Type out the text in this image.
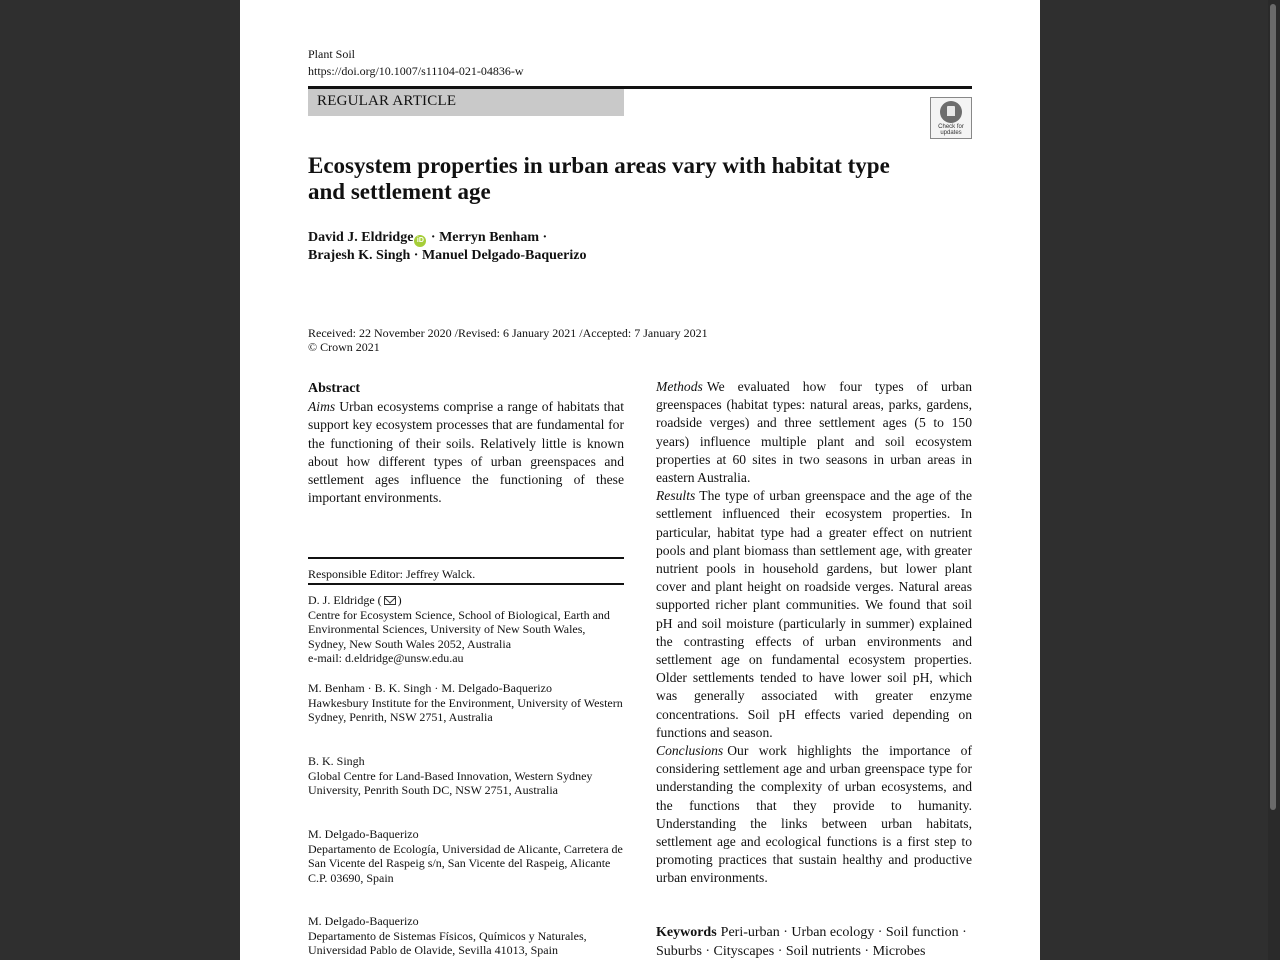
Plant Soil
https://doi.org/10.1007/s11104-021-04836-w
REGULAR ARTICLE
Check for updates
Ecosystem properties in urban areas vary with habitat type and settlement age
David J. Eldridge iD · Merryn Benham ·
Brajesh K. Singh · Manuel Delgado-Baquerizo
Received: 22 November 2020 /Revised: 6 January 2021 /Accepted: 7 January 2021
© Crown 2021
Abstract
Aims Urban ecosystems comprise a range of habitats that support key ecosystem processes that are fundamental for the functioning of their soils. Relatively little is known about how different types of urban greenspaces and settlement ages influence the functioning of these important environments.
Responsible Editor: Jeffrey Walck.
D. J. Eldridge ( )
Centre for Ecosystem Science, School of Biological, Earth and
Environmental Sciences, University of New South Wales,
Sydney, New South Wales 2052, Australia
e-mail: d.eldridge@unsw.edu.au
M. Benham · B. K. Singh · M. Delgado-Baquerizo
Hawkesbury Institute for the Environment, University of Western
Sydney, Penrith, NSW 2751, Australia
B. K. Singh
Global Centre for Land-Based Innovation, Western Sydney
University, Penrith South DC, NSW 2751, Australia
M. Delgado-Baquerizo
Departamento de Ecología, Universidad de Alicante, Carretera de
San Vicente del Raspeig s/n, San Vicente del Raspeig, Alicante
C.P. 03690, Spain
M. Delgado-Baquerizo
Departamento de Sistemas Físicos, Químicos y Naturales,
Universidad Pablo de Olavide, Sevilla 41013, Spain
Methods We evaluated how four types of urban greenspaces (habitat types: natural areas, parks, gardens, roadside verges) and three settlement ages (5 to 150 years) influence multiple plant and soil ecosystem properties at 60 sites in two seasons in urban areas in eastern Australia.
Results The type of urban greenspace and the age of the settlement influenced their ecosystem properties. In particular, habitat type had a greater effect on nutrient pools and plant biomass than settlement age, with greater nutrient pools in household gardens, but lower plant cover and plant height on roadside verges. Natural areas supported richer plant communities. We found that soil pH and soil moisture (particularly in summer) explained the contrasting effects of urban environments and settlement age on fundamental ecosystem properties. Older settlements tended to have lower soil pH, which was generally associated with greater enzyme concentrations. Soil pH effects varied depending on functions and season.
Conclusions Our work highlights the importance of considering settlement age and urban greenspace type for understanding the complexity of urban ecosystems, and the functions that they provide to humanity. Understanding the links between urban habitats, settlement age and ecological functions is a first step to promoting practices that sustain healthy and productive urban environments.
Keywords Peri-urban · Urban ecology · Soil function ·
Suburbs · Cityscapes · Soil nutrients · Microbes
